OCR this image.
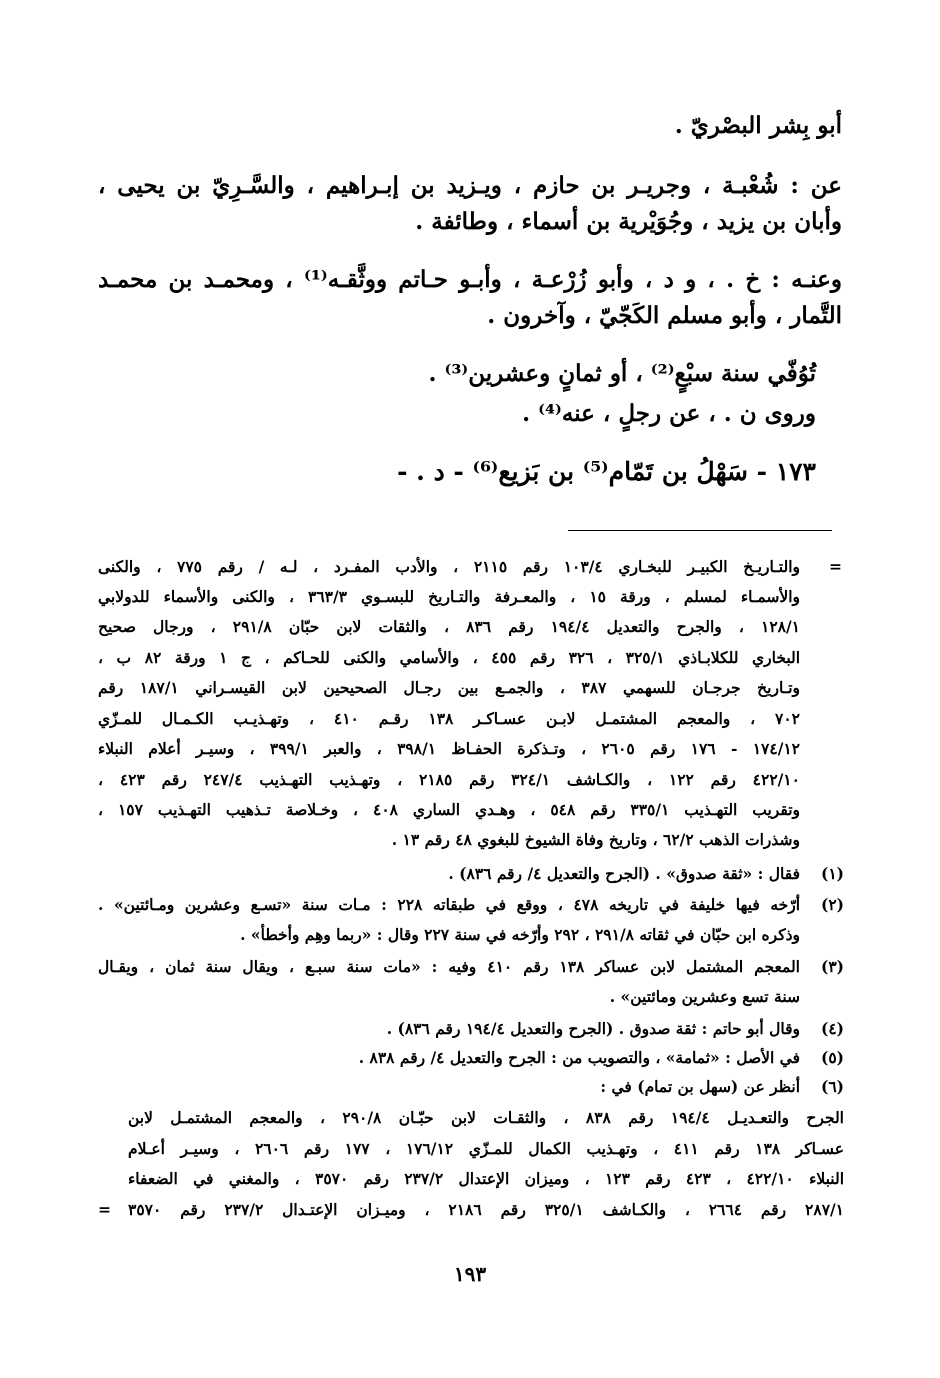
أبو بِشر البصْريّ .

عن : شُعْبـة ، وجريـر بن حازم ، ويـزيد بن إبـراهيم ، والسَّـرِيّ بن يحيى ،

وأبان بن يزيد ، وجُوَيْرية بن أسماء ، وطائفة .

وعنـه : خ . ، و د ، وأبو زُرْعـة ، وأبـو حـاتم ووثَّقـه⁽¹⁾ ، ومحمـد بن محمـد

التَّمار ، وأبو مسلم الكَجّيّ ، وآخرون .

تُوُفّي سنة سبْعٍ⁽²⁾ ، أو ثمانٍ وعشرين⁽³⁾ .

وروى ن . ، عن رجلٍ ، عنه⁽⁴⁾ .

١٧٣ - سَهْلُ بن تَمّام⁽⁵⁾ بن بَزيع⁽⁶⁾ - د . -

=

والتـاريـخ الكبيـر للبخـاري ١٠٣/٤ رقم ٢١١٥ ، والأدب المفـرد ، لـه / رقم ٧٧٥ ، والكنى

والأسمـاء لمسلم ، ورقة ١٥ ، والمعـرفة والتـاريخ للبسـوي ٣٦٣/٣ ، والكنى والأسماء للدولابي

١٢٨/١ ، والجرح والتعديل ١٩٤/٤ رقم ٨٣٦ ، والثقات لابن حبّان ٢٩١/٨ ، ورجال صحيح

البخاري للكلابـاذي ٣٢٥/١ ، ٣٢٦ رقم ٤٥٥ ، والأسامي والكنى للحـاكم ، ج ١ ورقة ٨٢ ب ،

وتـاريخ جرجـان للسهمي ٣٨٧ ، والجمـع بين رجـال الصحيحين لابن القيسـراني ١٨٧/١ رقم

٧٠٢ ، والمعجم المشتمـل لابـن عسـاكـر ١٣٨ رقـم ٤١٠ ، وتهـذيـب الكـمـال للمـزّي

١٧٤/١٢ - ١٧٦ رقم ٢٦٠٥ ، وتـذكرة الحفـاظ ٣٩٨/١ ، والعبر ٣٩٩/١ ، وسيـر أعلام النبلاء

٤٢٢/١٠ رقم ١٢٢ ، والكـاشف ٣٢٤/١ رقم ٢١٨٥ ، وتهـذيب التهـذيب ٢٤٧/٤ رقم ٤٢٣ ،

وتقريب التهـذيب ٣٣٥/١ رقم ٥٤٨ ، وهـدي الساري ٤٠٨ ، وخـلاصة تـذهيب التهـذيب ١٥٧ ،

وشذرات الذهب ٦٢/٢ ، وتاريخ وفاة الشيوخ للبغوي ٤٨ رقم ١٣ .

(١)

فقال : «ثقة صدوق» . (الجرح والتعديل ٤/ رقم ٨٣٦) .

(٢)

أرّخه فيها خليفة في تاريخه ٤٧٨ ، ووقع في طبقاته ٢٢٨ : مـات سنة «تسـع وعشرين ومـائتين» .

وذكره ابن حبّان في ثقاته ٢٩١/٨ ، ٢٩٢ وأرّخه في سنة ٢٢٧ وقال : «ربما وهِم وأخطأ» .

(٣)

المعجم المشتمل لابن عساكر ١٣٨ رقم ٤١٠ وفيه : «مات سنة سبـع ، ويقال سنة ثمان ، ويقـال

سنة تسع وعشرين ومائتين» .

(٤)

وقال أبو حاتم : ثقة صدوق . (الجرح والتعديل ١٩٤/٤ رقم ٨٣٦) .

(٥)

في الأصل : «ثمامة» ، والتصويب من : الجرح والتعديل ٤/ رقم ٨٣٨ .

(٦)

أنظر عن (سهل بن تمام) في :

الجرح والتعـديـل ١٩٤/٤ رقم ٨٣٨ ، والثقـات لابن حبّـان ٢٩٠/٨ ، والمعجم المشتمـل لابن

عسـاكر ١٣٨ رقم ٤١١ ، وتهـذيب الكمال للمـزّي ١٧٦/١٢ ، ١٧٧ رقم ٢٦٠٦ ، وسيـر أعـلام

النبلاء ٤٢٢/١٠ ، ٤٢٣ رقم ١٢٣ ، وميزان الإعتدال ٢٣٧/٢ رقم ٣٥٧٠ ، والمغني في الضعفاء

٢٨٧/١ رقم ٢٦٦٤ ، والكـاشف ٣٢٥/١ رقم ٢١٨٦ ، وميـزان الإعتـدال ٢٣٧/٢ رقم ٣٥٧٠

=
١٩٣
